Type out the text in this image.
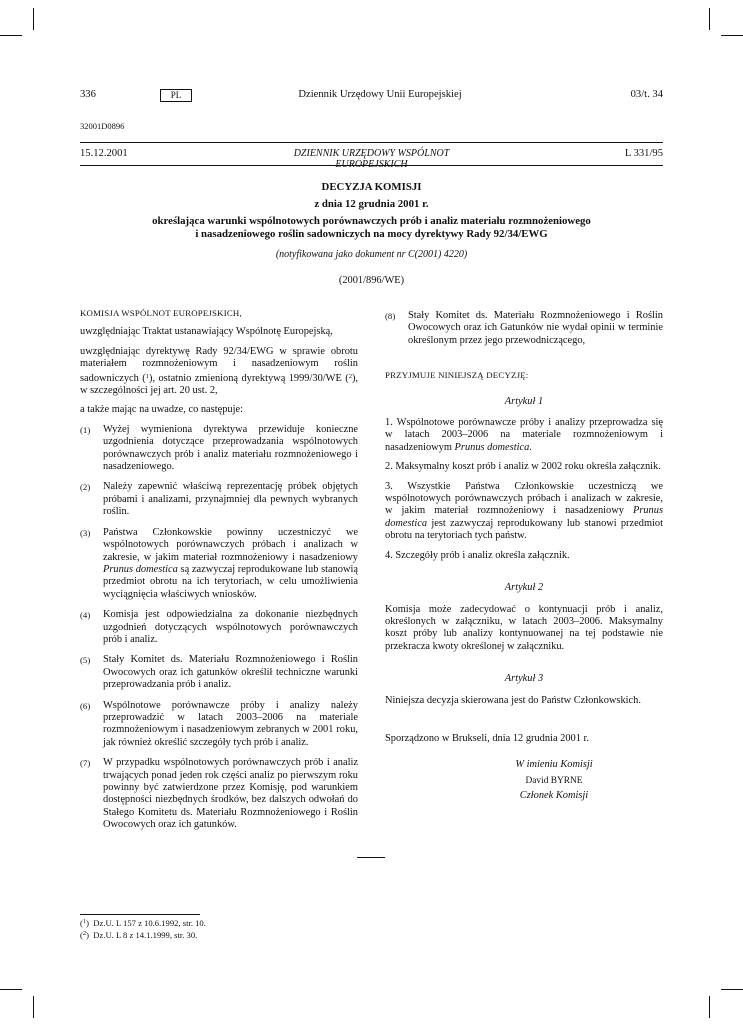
336	PL	Dziennik Urzędowy Unii Europejskiej	03/t. 34
32001D0896
15.12.2001	DZIENNIK URZĘDOWY WSPÓLNOT	L 331/95
DECYZJA KOMISJI
z dnia 12 grudnia 2001 r.
określająca warunki wspólnotowych porównawczych prób i analiz materiału rozmnożeniowego
i nasadzeniowego roślin sadowniczych na mocy dyrektywy Rady 92/34/EWG
(notyfikowana jako dokument nr C(2001) 4220)
(2001/896/WE)

KOMISJA WSPÓLNOT EUROPEJSKICH,

uwzględniając Traktat ustanawiający Wspólnotę Europejską,

uwzględniając dyrektywę Rady 92/34/EWG w sprawie obrotu materiałem rozmnożeniowym i nasadzeniowym roślin sadowniczych ($^1$), ostatnio zmienioną dyrektywą 1999/30/WE ($^2$), w szczególności jej art. 20 ust. 2,

a także mając na uwadze, co następuje:

(1) Wyżej wymieniona dyrektywa przewiduje konieczne uzgodnienia dotyczące przeprowadzania wspólnotowych porównawczych prób i analiz materiału rozmnożeniowego i nasadzeniowego.
(2) Należy zapewnić właściwą reprezentację próbek objętych próbami i analizami, przynajmniej dla pewnych wybranych roślin.
(3) Państwa Członkowskie powinny uczestniczyć we wspólnotowych porównawczych próbach i analizach w zakresie, w jakim materiał rozmnożeniowy i nasadzeniowy Prunus domestica są zazwyczaj reprodukowane lub stanowią przedmiot obrotu na ich terytoriach, w celu umożliwienia wyciągnięcia właściwych wniosków.
(4) Komisja jest odpowiedzialna za dokonanie niezbędnych uzgodnień dotyczących wspólnotowych porównawczych prób i analiz.
(5) Stały Komitet ds. Materiału Rozmnożeniowego i Roślin Owocowych oraz ich gatunków określił techniczne warunki przeprowadzania prób i analiz.
(6) Wspólnotowe porównawcze próby i analizy należy przeprowadzić w latach 2003–2006 na materiale rozmnożeniowym i nasadzeniowym zebranych w 2001 roku, jak również określić szczegóły tych prób i analiz.
(7) W przypadku wspólnotowych porównawczych prób i analiz trwających ponad jeden rok części analiz po pierwszym roku powinny być zatwierdzone przez Komisję, pod warunkiem dostępności niezbędnych środków, bez dalszych odwołań do Stałego Komitetu ds. Materiału Rozmnożeniowego i Roślin Owocowych oraz ich gatunków.
(8) Stały Komitet ds. Materiału Rozmnożeniowego i Roślin Owocowych oraz ich Gatunków nie wydał opinii w terminie określonym przez jego przewodniczącego,

PRZYJMUJE NINIEJSZĄ DECYZJĘ:

Artykuł 1

1. Wspólnotowe porównawcze próby i analizy przeprowadza się w latach 2003–2006 na materiale rozmnożeniowym i nasadzeniowym Prunus domestica.

2. Maksymalny koszt prób i analiz w 2002 roku określa załącznik.

3. Wszystkie Państwa Członkowskie uczestniczą we wspólnotowych porównawczych próbach i analizach w zakresie, w jakim materiał rozmnożeniowy i nasadzeniowy Prunus domestica jest zazwyczaj reprodukowany lub stanowi przedmiot obrotu na terytoriach tych państw.

4. Szczegóły prób i analiz określa załącznik.

Artykuł 2

Komisja może zadecydować o kontynuacji prób i analiz, określonych w załączniku, w latach 2003–2006. Maksymalny koszt próby lub analizy kontynuowanej na tej podstawie nie przekracza kwoty określonej w załączniku.

Artykuł 3

Niniejsza decyzja skierowana jest do Państw Członkowskich.

Sporządzono w Brukseli, dnia 12 grudnia 2001 r.

W imieniu Komisji
David BYRNE
Członek Komisji
($^1$)  Dz.U. L 157 z 10.6.1992, str. 10.
($^2$)  Dz.U. L 8 z 14.1.1999, str. 30.
